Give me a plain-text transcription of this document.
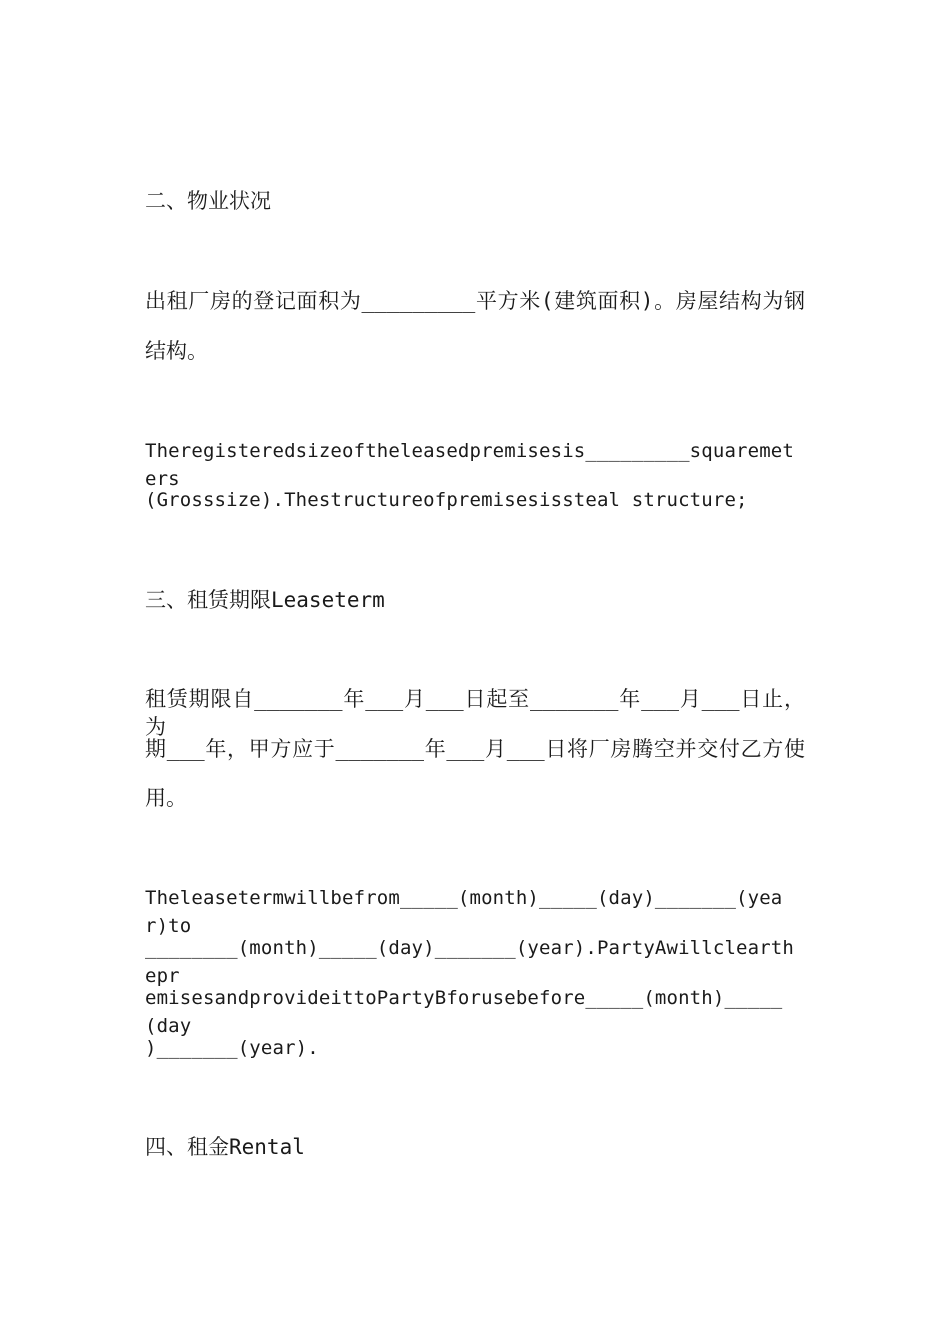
二、物业状况
出租厂房的登记面积为_________平方米(建筑面积)。房屋结构为钢
结构。
Theregisteredsizeoftheleasedpremisesis_________squaremeters
(Grosssize).Thestructureofpremisesissteal structure;
三、租赁期限Leaseterm
租赁期限自_______年___月___日起至_______年___月___日止，为
期___年，甲方应于_______年___月___日将厂房腾空并交付乙方使
用。
Theleasetermwillbefrom_____(month)_____(day)_______(year)to
________(month)_____(day)_______(year).PartyAwillclearthepr
emisesandprovideittoPartyBforusebefore_____(month)_____(day
)_______(year).
四、租金Rental
